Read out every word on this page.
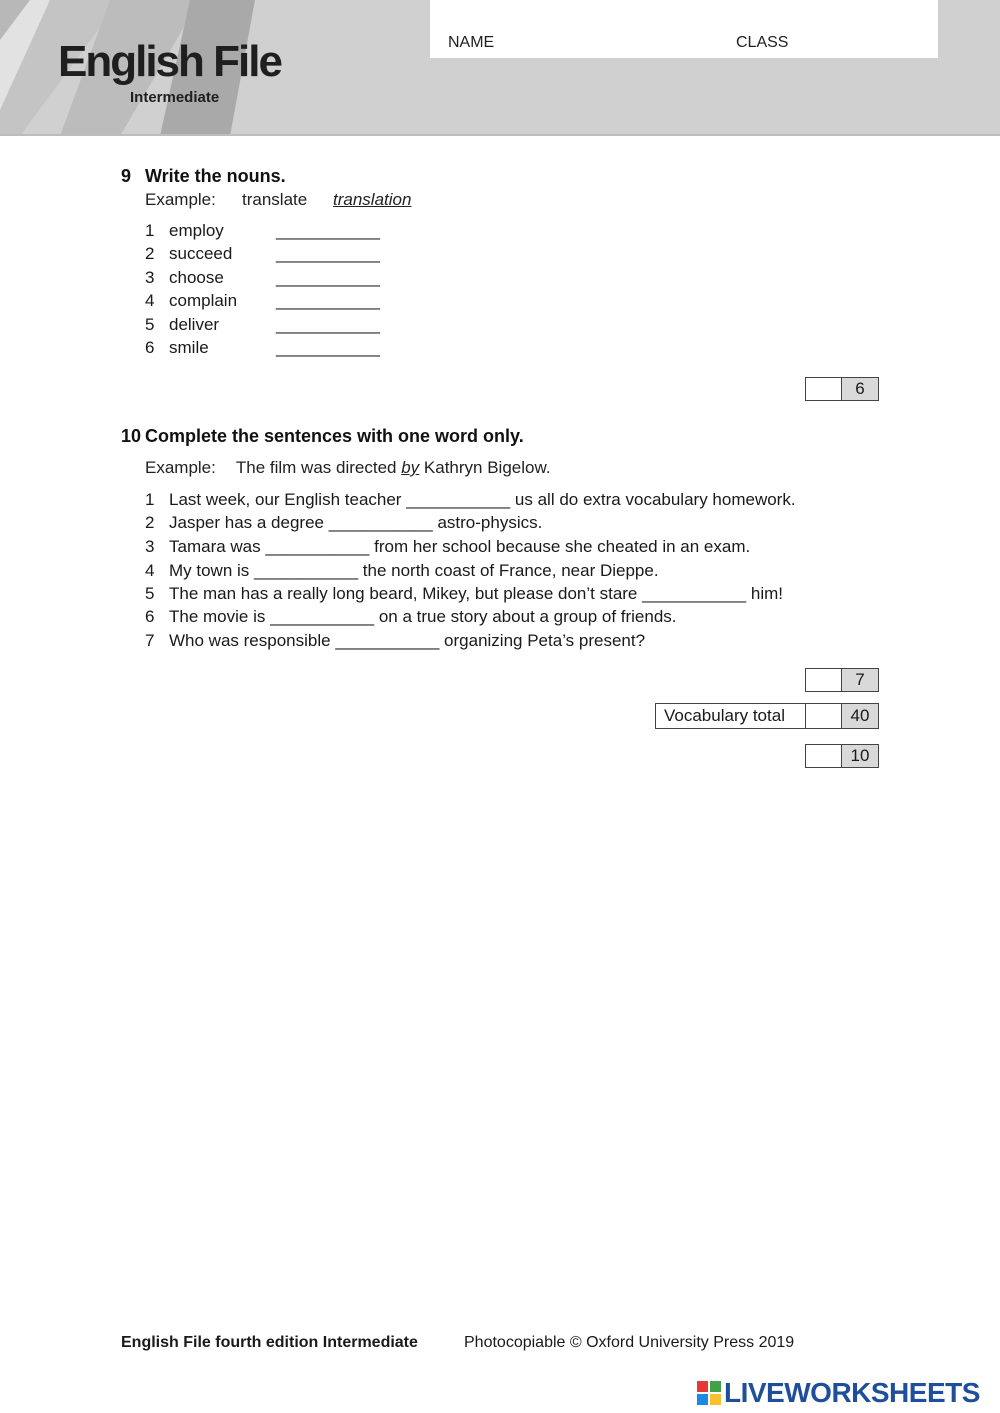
English File
Intermediate
NAME	CLASS
9 Write the nouns.
Example: translate translation
1 employ	___________
2 succeed	___________
3 choose	___________
4 complain ___________
5 deliver	___________
6 smile	___________
6
10 Complete the sentences with one word only.
Example: The film was directed by Kathryn Bigelow.
1 Last week, our English teacher ___________ us all do extra vocabulary homework.
2 Jasper has a degree ___________ astro-physics.
3 Tamara was ___________ from her school because she cheated in an exam.
4 My town is ___________ the north coast of France, near Dieppe.
5 The man has a really long beard, Mikey, but please don’t stare ___________ him!
6 The movie is ___________ on a true story about a group of friends.
7 Who was responsible ___________ organizing Peta’s present?
7
Vocabulary total	40
10
English File fourth edition Intermediate	Photocopiable © Oxford University Press 2019
LIVEWORKSHEETS
